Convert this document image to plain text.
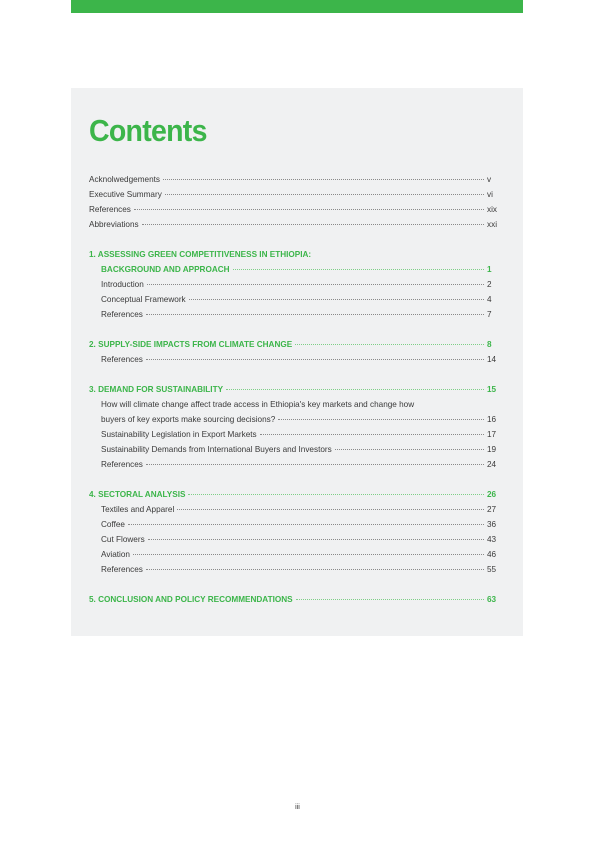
Contents
Acknolwedgements	v
Executive Summary	vi
References	xix
Abbreviations	xxi
1. ASSESSING GREEN COMPETITIVENESS IN ETHIOPIA:
BACKGROUND AND APPROACH	1
Introduction	2
Conceptual Framework	4
References	7
2. SUPPLY-SIDE IMPACTS FROM CLIMATE CHANGE	8
References	14
3. DEMAND FOR SUSTAINABILITY	15
How will climate change affect trade access in Ethiopia's key markets and change how
buyers of key exports make sourcing decisions?	16
Sustainability Legislation in Export Markets	17
Sustainability Demands from International Buyers and Investors	19
References	24
4. SECTORAL ANALYSIS	26
Textiles and Apparel	27
Coffee	36
Cut Flowers	43
Aviation	46
References	55
5. CONCLUSION AND POLICY RECOMMENDATIONS	63
iii
